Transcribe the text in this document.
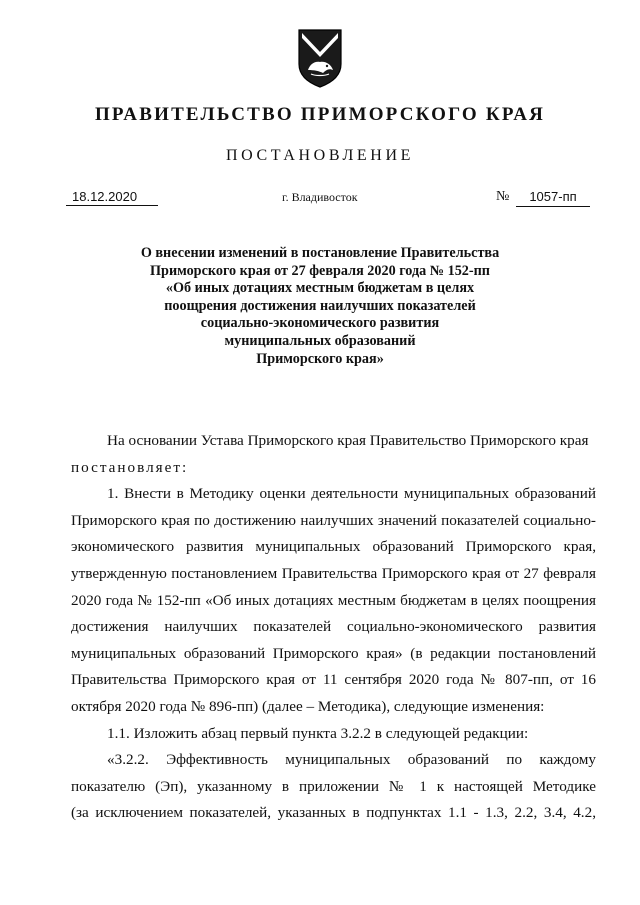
ПРАВИТЕЛЬСТВО ПРИМОРСКОГО КРАЯ
ПОСТАНОВЛЕНИЕ
18.12.2020	г. Владивосток	№	1057-пп
О внесении изменений в постановление Правительства
Приморского края от 27 февраля 2020 года № 152-пп
«Об иных дотациях местным бюджетам в целях
поощрения достижения наилучших показателей
социально-экономического развития
муниципальных образований
Приморского края»
На основании Устава Приморского края Правительство Приморского края
постановляет:
1. Внести в Методику оценки деятельности муниципальных образований
Приморского края по достижению наилучших значений показателей социально-
экономического развития муниципальных образований Приморского края,
утвержденную постановлением Правительства Приморского края от 27 февраля
2020 года № 152-пп «Об иных дотациях местным бюджетам в целях поощрения
достижения наилучших показателей социально-экономического развития
муниципальных образований Приморского края» (в редакции постановлений
Правительства Приморского края от 11 сентября 2020 года № 807-пп, от 16
октября 2020 года № 896-пп) (далее – Методика), следующие изменения:
1.1. Изложить абзац первый пункта 3.2.2 в следующей редакции:
«3.2.2. Эффективность муниципальных образований по каждому
показателю (Эп), указанному в приложении № 1 к настоящей Методике
(за исключением показателей, указанных в подпунктах 1.1 - 1.3, 2.2, 3.4, 4.2,
